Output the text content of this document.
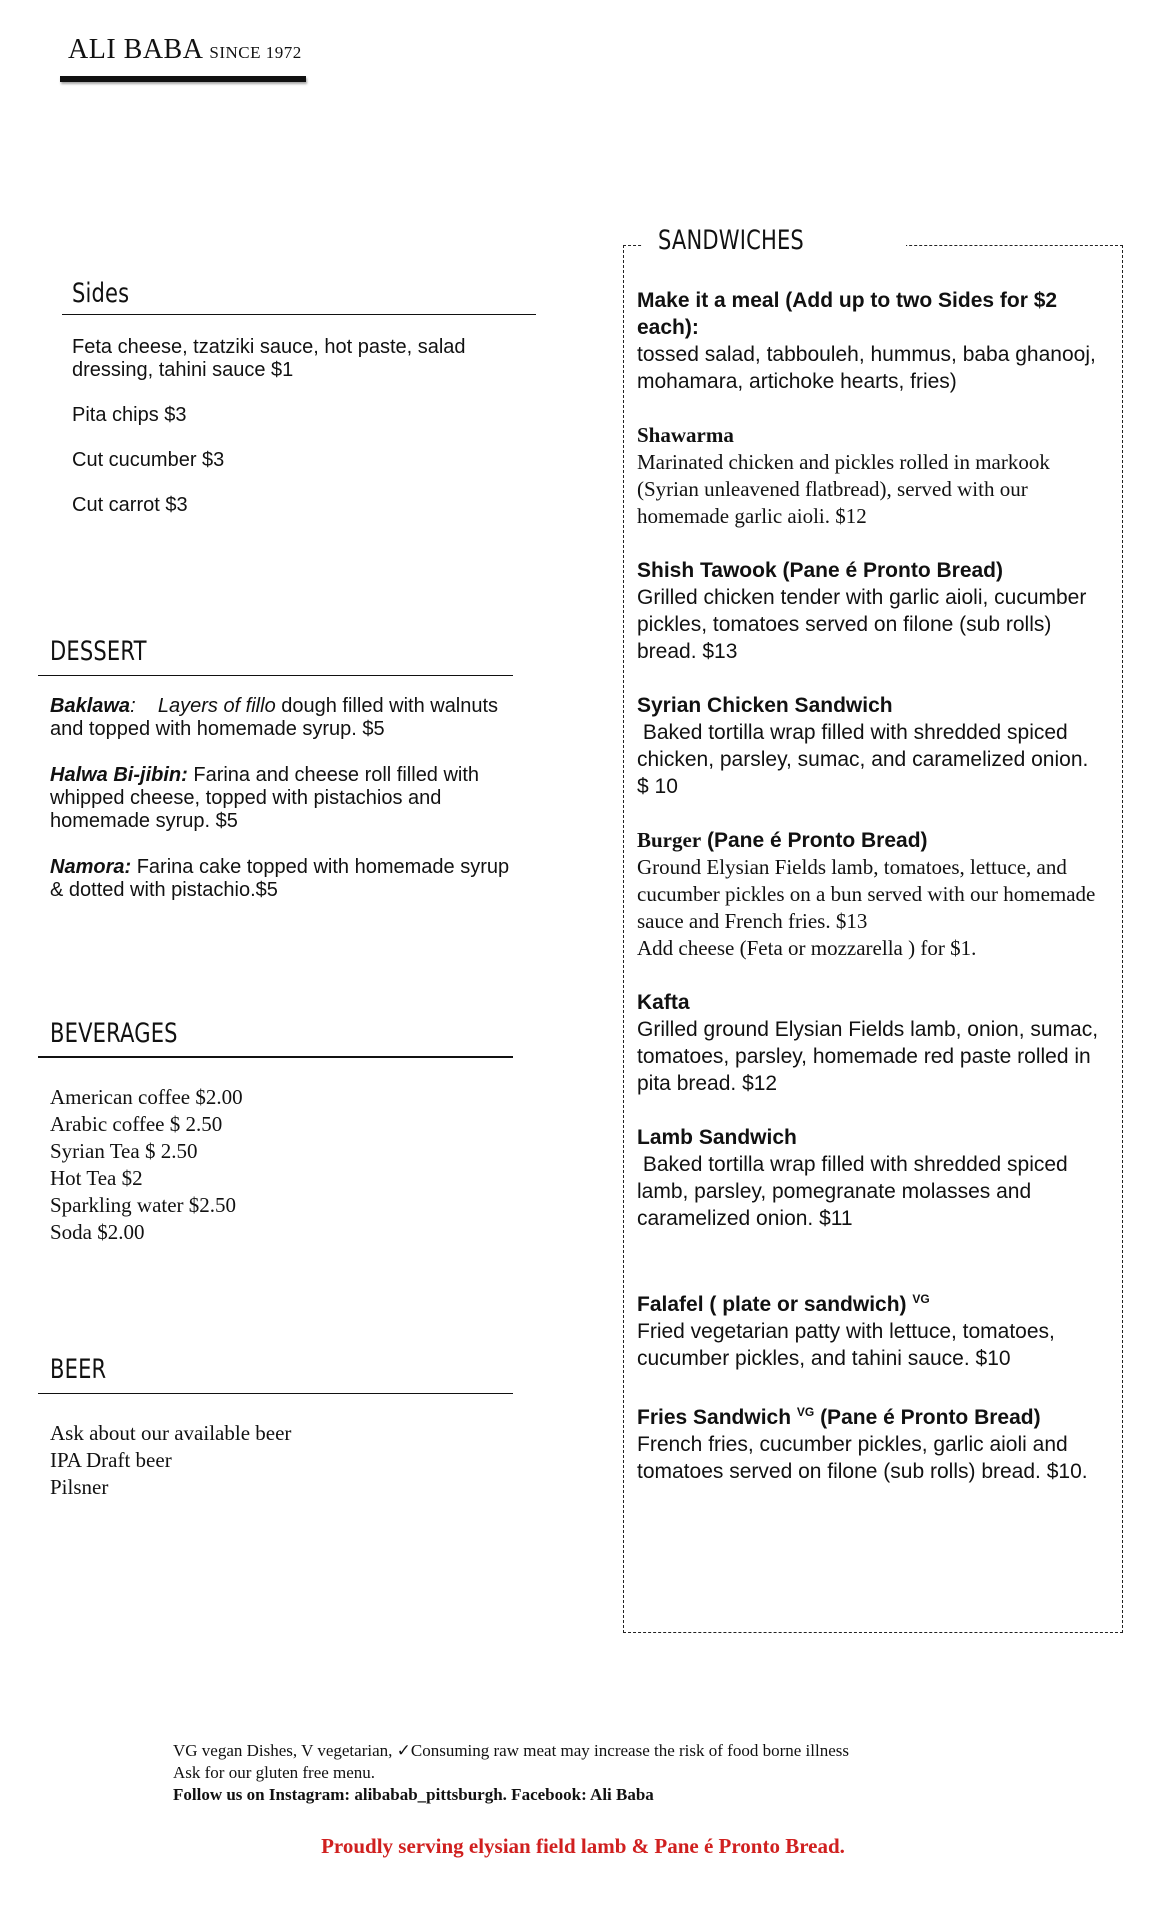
ALI BABA SINCE 1972
Sides
Feta cheese, tzatziki sauce, hot paste, salad dressing, tahini sauce $1
Pita chips $3
Cut cucumber $3
Cut carrot $3
DESSERT
Baklawa:    Layers of fillo dough filled with walnuts and topped with homemade syrup. $5
Halwa Bi-jibin: Farina and cheese roll filled with whipped cheese, topped with pistachios and homemade syrup. $5
Namora: Farina cake topped with homemade syrup & dotted with pistachio.$5
BEVERAGES
American coffee $2.00
Arabic coffee $ 2.50
Syrian Tea $ 2.50
Hot Tea $2
Sparkling water $2.50
Soda $2.00
BEER
Ask about our available beer
IPA Draft beer
Pilsner
SANDWICHES
Make it a meal (Add up to two Sides for $2 each):
tossed salad, tabbouleh, hummus, baba ghanooj, mohamara, artichoke hearts, fries)
Shawarma
Marinated chicken and pickles rolled in markook (Syrian unleavened flatbread), served with our homemade garlic aioli. $12
Shish Tawook (Pane é Pronto Bread)
Grilled chicken tender with garlic aioli, cucumber pickles, tomatoes served on filone (sub rolls) bread. $13
Syrian Chicken Sandwich
Baked tortilla wrap filled with shredded spiced chicken, parsley, sumac, and caramelized onion.  $ 10
Burger (Pane é Pronto Bread)
Ground Elysian Fields lamb, tomatoes, lettuce, and cucumber pickles on a bun served with our homemade sauce and French fries. $13
Add cheese (Feta or mozzarella ) for $1.
Kafta
Grilled ground Elysian Fields lamb, onion, sumac, tomatoes, parsley, homemade red paste rolled in pita bread. $12
Lamb Sandwich
Baked tortilla wrap filled with shredded spiced lamb, parsley, pomegranate molasses and caramelized onion. $11
Falafel ( plate or sandwich) $^{VG}$
Fried vegetarian patty with lettuce, tomatoes, cucumber pickles, and tahini sauce. $10
Fries Sandwich $^{VG}$ (Pane é Pronto Bread)
French fries, cucumber pickles, garlic aioli and tomatoes served on filone (sub rolls) bread. $10.
VG vegan Dishes, V vegetarian, ✓Consuming raw meat may increase the risk of food borne illness
Ask for our gluten free menu.
Follow us on Instagram: alibabab_pittsburgh. Facebook: Ali Baba
Proudly serving elysian field lamb & Pane é Pronto Bread.
